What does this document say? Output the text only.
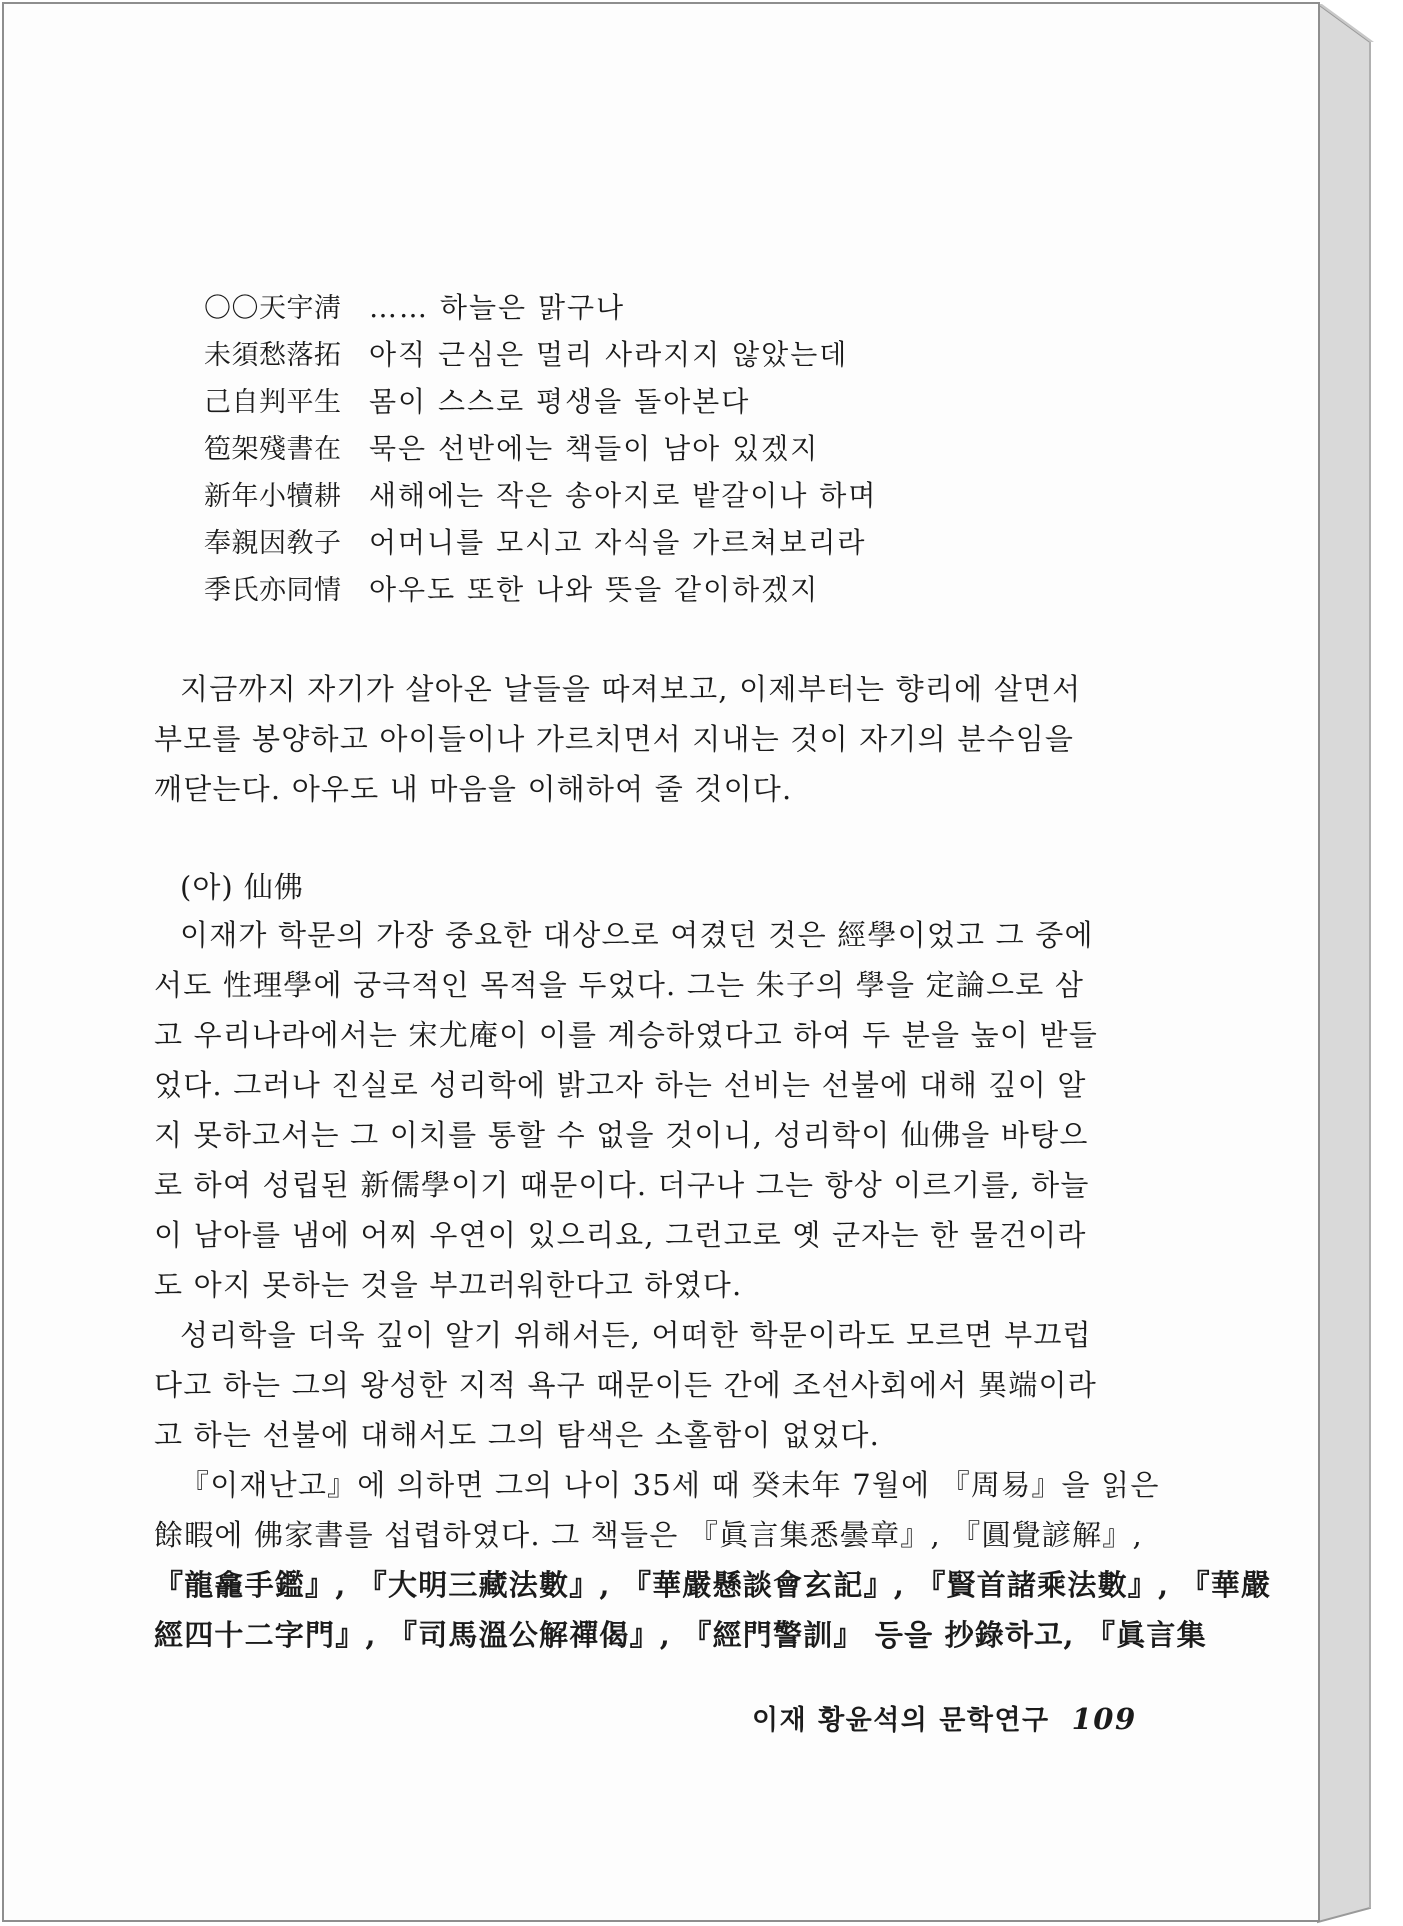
〇〇天宇淸 …… 하늘은 맑구나
未須愁落拓 아직 근심은 멀리 사라지지 않았는데
己自判平生 몸이 스스로 평생을 돌아본다
笣架殘書在 묵은 선반에는 책들이 남아 있겠지
新年小犢耕 새해에는 작은 송아지로 밭갈이나 하며
奉親因敎子 어머니를 모시고 자식을 가르쳐보리라
季氏亦同情 아우도 또한 나와 뜻을 같이하겠지

지금까지 자기가 살아온 날들을 따져보고, 이제부터는 향리에 살면서
부모를 봉양하고 아이들이나 가르치면서 지내는 것이 자기의 분수임을
깨닫는다. 아우도 내 마음을 이해하여 줄 것이다.

(아) 仙佛

이재가 학문의 가장 중요한 대상으로 여겼던 것은 經學이었고 그 중에
서도 性理學에 궁극적인 목적을 두었다. 그는 朱子의 學을 定論으로 삼
고 우리나라에서는 宋尤庵이 이를 계승하였다고 하여 두 분을 높이 받들
었다. 그러나 진실로 성리학에 밝고자 하는 선비는 선불에 대해 깊이 알
지 못하고서는 그 이치를 통할 수 없을 것이니, 성리학이 仙佛을 바탕으
로 하여 성립된 新儒學이기 때문이다. 더구나 그는 항상 이르기를, 하늘
이 남아를 냄에 어찌 우연이 있으리요, 그런고로 옛 군자는 한 물건이라
도 아지 못하는 것을 부끄러워한다고 하였다.

성리학을 더욱 깊이 알기 위해서든, 어떠한 학문이라도 모르면 부끄럽
다고 하는 그의 왕성한 지적 욕구 때문이든 간에 조선사회에서 異端이라
고 하는 선불에 대해서도 그의 탐색은 소홀함이 없었다.

『이재난고』에 의하면 그의 나이 35세 때 癸未年 7월에 『周易』을 읽은
餘暇에 佛家書를 섭렵하였다. 그 책들은 『眞言集悉曇章』, 『圓覺諺解』,
『龍龕手鑑』, 『大明三藏法數』, 『華嚴懸談會玄記』, 『賢首諸乘法數』, 『華嚴
經四十二字門』, 『司馬溫公解禪偈』, 『經門警訓』 등을 抄錄하고, 『眞言集

이재 황윤석의 문학연구 109
